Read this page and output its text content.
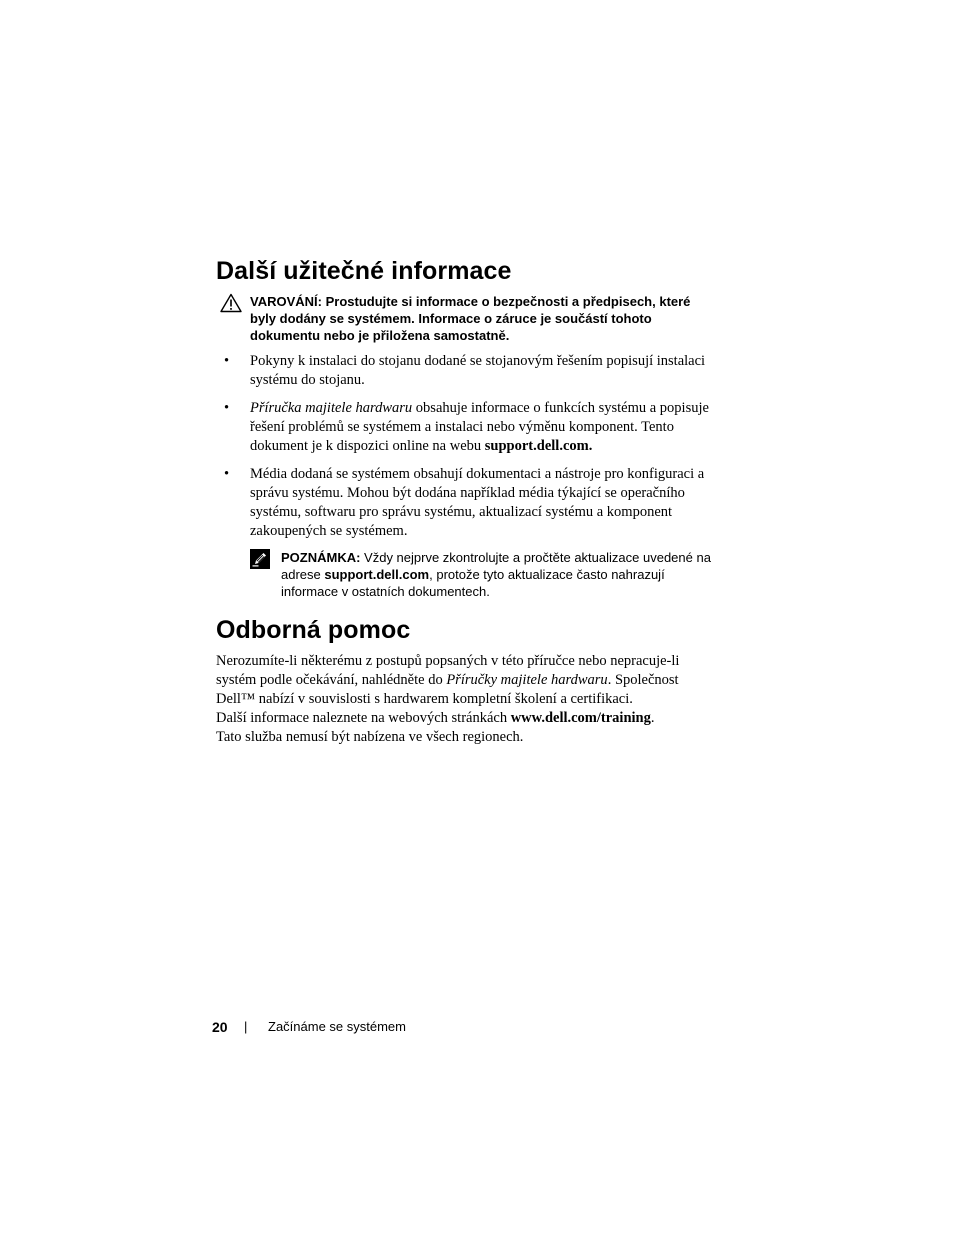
Další užitečné informace
VAROVÁNÍ: Prostudujte si informace o bezpečnosti a předpisech, které byly dodány se systémem. Informace o záruce je součástí tohoto dokumentu nebo je přiložena samostatně.
• Pokyny k instalaci do stojanu dodané se stojanovým řešením popisují instalaci systému do stojanu.
• Příručka majitele hardwaru obsahuje informace o funkcích systému a popisuje řešení problémů se systémem a instalaci nebo výměnu komponent. Tento dokument je k dispozici online na webu support.dell.com.
• Média dodaná se systémem obsahují dokumentaci a nástroje pro konfiguraci a správu systému. Mohou být dodána například média týkající se operačního systému, softwaru pro správu systému, aktualizací systému a komponent zakoupených se systémem.
POZNÁMKA: Vždy nejprve zkontrolujte a pročtěte aktualizace uvedené na adrese support.dell.com, protože tyto aktualizace často nahrazují informace v ostatních dokumentech.
Odborná pomoc

Nerozumíte-li některému z postupů popsaných v této příručce nebo nepracuje-li systém podle očekávání, nahlédněte do Příručky majitele hardwaru. Společnost Dell™ nabízí v souvislosti s hardwarem kompletní školení a certifikaci.
Další informace naleznete na webových stránkách www.dell.com/training.
Tato služba nemusí být nabízena ve všech regionech.

20	|	Začínáme se systémem
